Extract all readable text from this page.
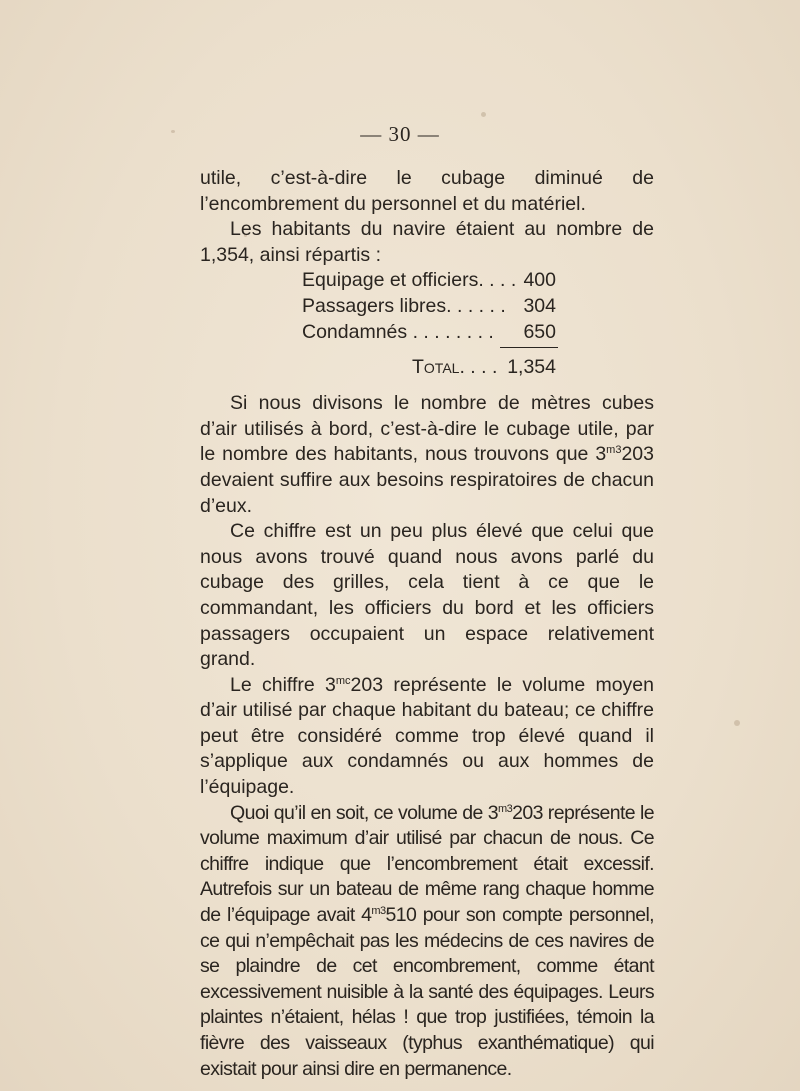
— 30 —

utile, c’est-à-dire le cubage diminué de l’encombrement du personnel et du matériel.

Les habitants du navire étaient au nombre de 1,354, ainsi répartis :

Equipage et officiers. . . . 400
Passagers libres. . . . . . 304
Condamnés . . . . . . . . 650
Total. . . . 1,354

Si nous divisons le nombre de mètres cubes d’air utilisés à bord, c’est-à-dire le cubage utile, par le nombre des habitants, nous trouvons que $3^{m3}203$ devaient suffire aux besoins respiratoires de chacun d’eux.

Ce chiffre est un peu plus élevé que celui que nous avons trouvé quand nous avons parlé du cubage des grilles, cela tient à ce que le commandant, les officiers du bord et les officiers passagers occupaient un espace relativement grand.

Le chiffre $3^{mc}203$ représente le volume moyen d’air utilisé par chaque habitant du bateau; ce chiffre peut être considéré comme trop élevé quand il s’applique aux condamnés ou aux hommes de l’équipage.

Quoi qu’il en soit, ce volume de $3^{m3}203$ représente le volume maximum d’air utilisé par chacun de nous. Ce chiffre indique que l’encombrement était excessif. Autrefois sur un bateau de même rang chaque homme de l’équipage avait $4^{m3}510$ pour son compte personnel, ce qui n’empêchait pas les médecins de ces navires de se plaindre de cet encombrement, comme étant excessivement nuisible à la santé des équipages. Leurs plaintes n’étaient, hélas ! que trop justifiées, témoin la fièvre des vaisseaux (typhus exanthématique) qui existait pour ainsi dire en permanence.
